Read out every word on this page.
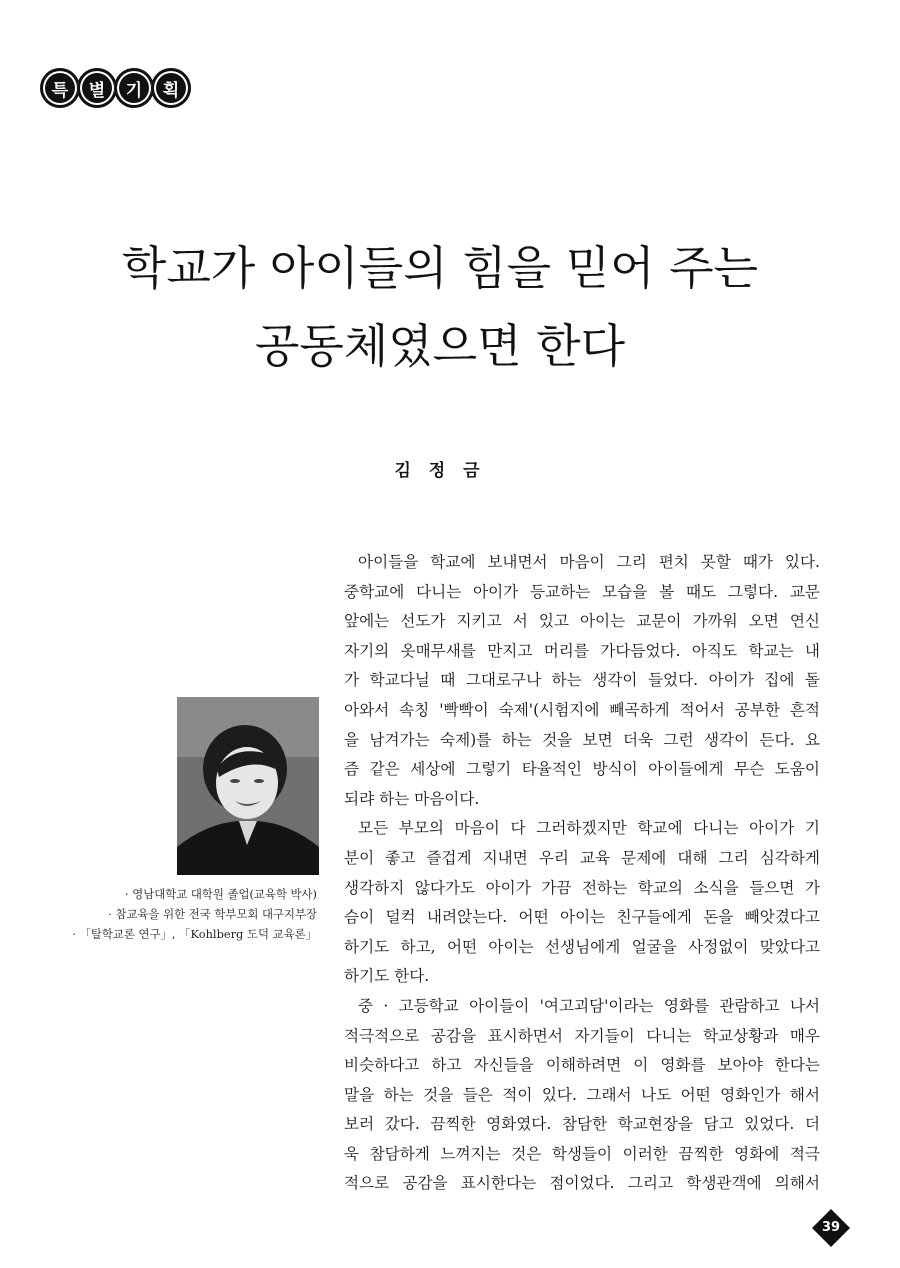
특	별	기	획
학교가 아이들의 힘을 믿어 주는
공동체였으면 한다
김 정 금
· 영남대학교 대학원 졸업(교육학 박사)
· 참교육을 위한 전국 학부모회 대구지부장
· 「탈학교론 연구」, 「Kohlberg 도덕 교육론」
아이들을 학교에 보내면서 마음이 그리 편치 못할 때가 있다.
중학교에 다니는 아이가 등교하는 모습을 볼 때도 그렇다. 교문
앞에는 선도가 지키고 서 있고 아이는 교문이 가까워 오면 연신
자기의 옷매무새를 만지고 머리를 가다듬었다. 아직도 학교는 내
가 학교다닐 때 그대로구나 하는 생각이 들었다. 아이가 집에 돌
아와서 속칭 '빡빡이 숙제'(시험지에 빼곡하게 적어서 공부한 흔적
을 남겨가는 숙제)를 하는 것을 보면 더욱 그런 생각이 든다. 요
즘 같은 세상에 그렇기 타율적인 방식이 아이들에게 무슨 도움이
되랴 하는 마음이다.
모든 부모의 마음이 다 그러하겠지만 학교에 다니는 아이가 기
분이 좋고 즐겁게 지내면 우리 교육 문제에 대해 그리 심각하게
생각하지 않다가도 아이가 가끔 전하는 학교의 소식을 들으면 가
슴이 덜컥 내려앉는다. 어떤 아이는 친구들에게 돈을 빼앗겼다고
하기도 하고, 어떤 아이는 선생님에게 얼굴을 사정없이 맞았다고
하기도 한다.
중 · 고등학교 아이들이 '여고괴담'이라는 영화를 관람하고 나서
적극적으로 공감을 표시하면서 자기들이 다니는 학교상황과 매우
비슷하다고 하고 자신들을 이해하려면 이 영화를 보아야 한다는
말을 하는 것을 들은 적이 있다. 그래서 나도 어떤 영화인가 해서
보러 갔다. 끔찍한 영화였다. 참담한 학교현장을 담고 있었다. 더
욱 참담하게 느껴지는 것은 학생들이 이러한 끔찍한 영화에 적극
적으로 공감을 표시한다는 점이었다. 그리고 학생관객에 의해서
39
